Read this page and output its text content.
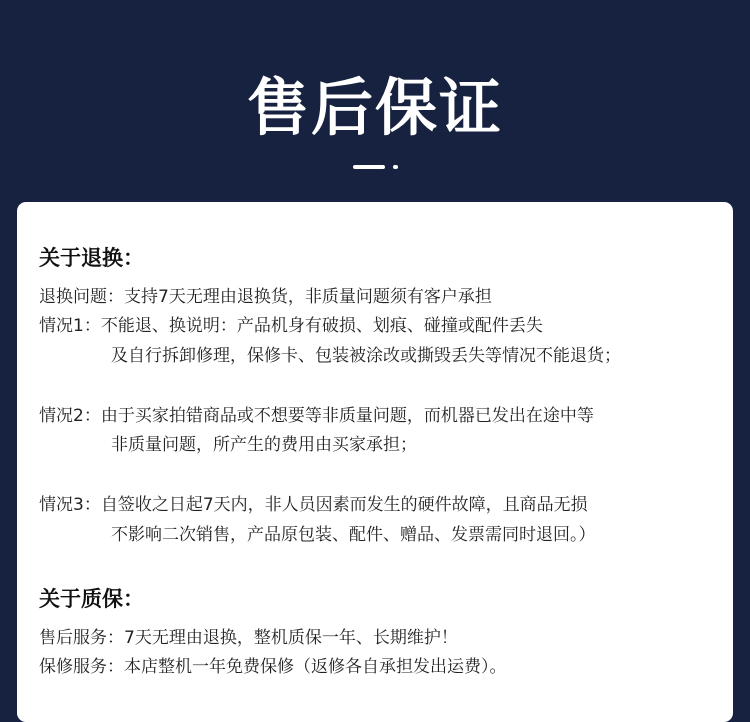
售后保证
关于退换：
退换问题：支持7天无理由退换货，非质量问题须有客户承担
情况1：不能退、换说明：产品机身有破损、划痕、碰撞或配件丢失
及自行拆卸修理，保修卡、包装被涂改或撕毁丢失等情况不能退货；
情况2：由于买家拍错商品或不想要等非质量问题，而机器已发出在途中等
非质量问题，所产生的费用由买家承担；
情况3：自签收之日起7天内，非人员因素而发生的硬件故障，且商品无损
不影响二次销售，产品原包装、配件、赠品、发票需同时退回。）
关于质保：
售后服务：7天无理由退换，整机质保一年、长期维护！
保修服务：本店整机一年免费保修（返修各自承担发出运费）。
